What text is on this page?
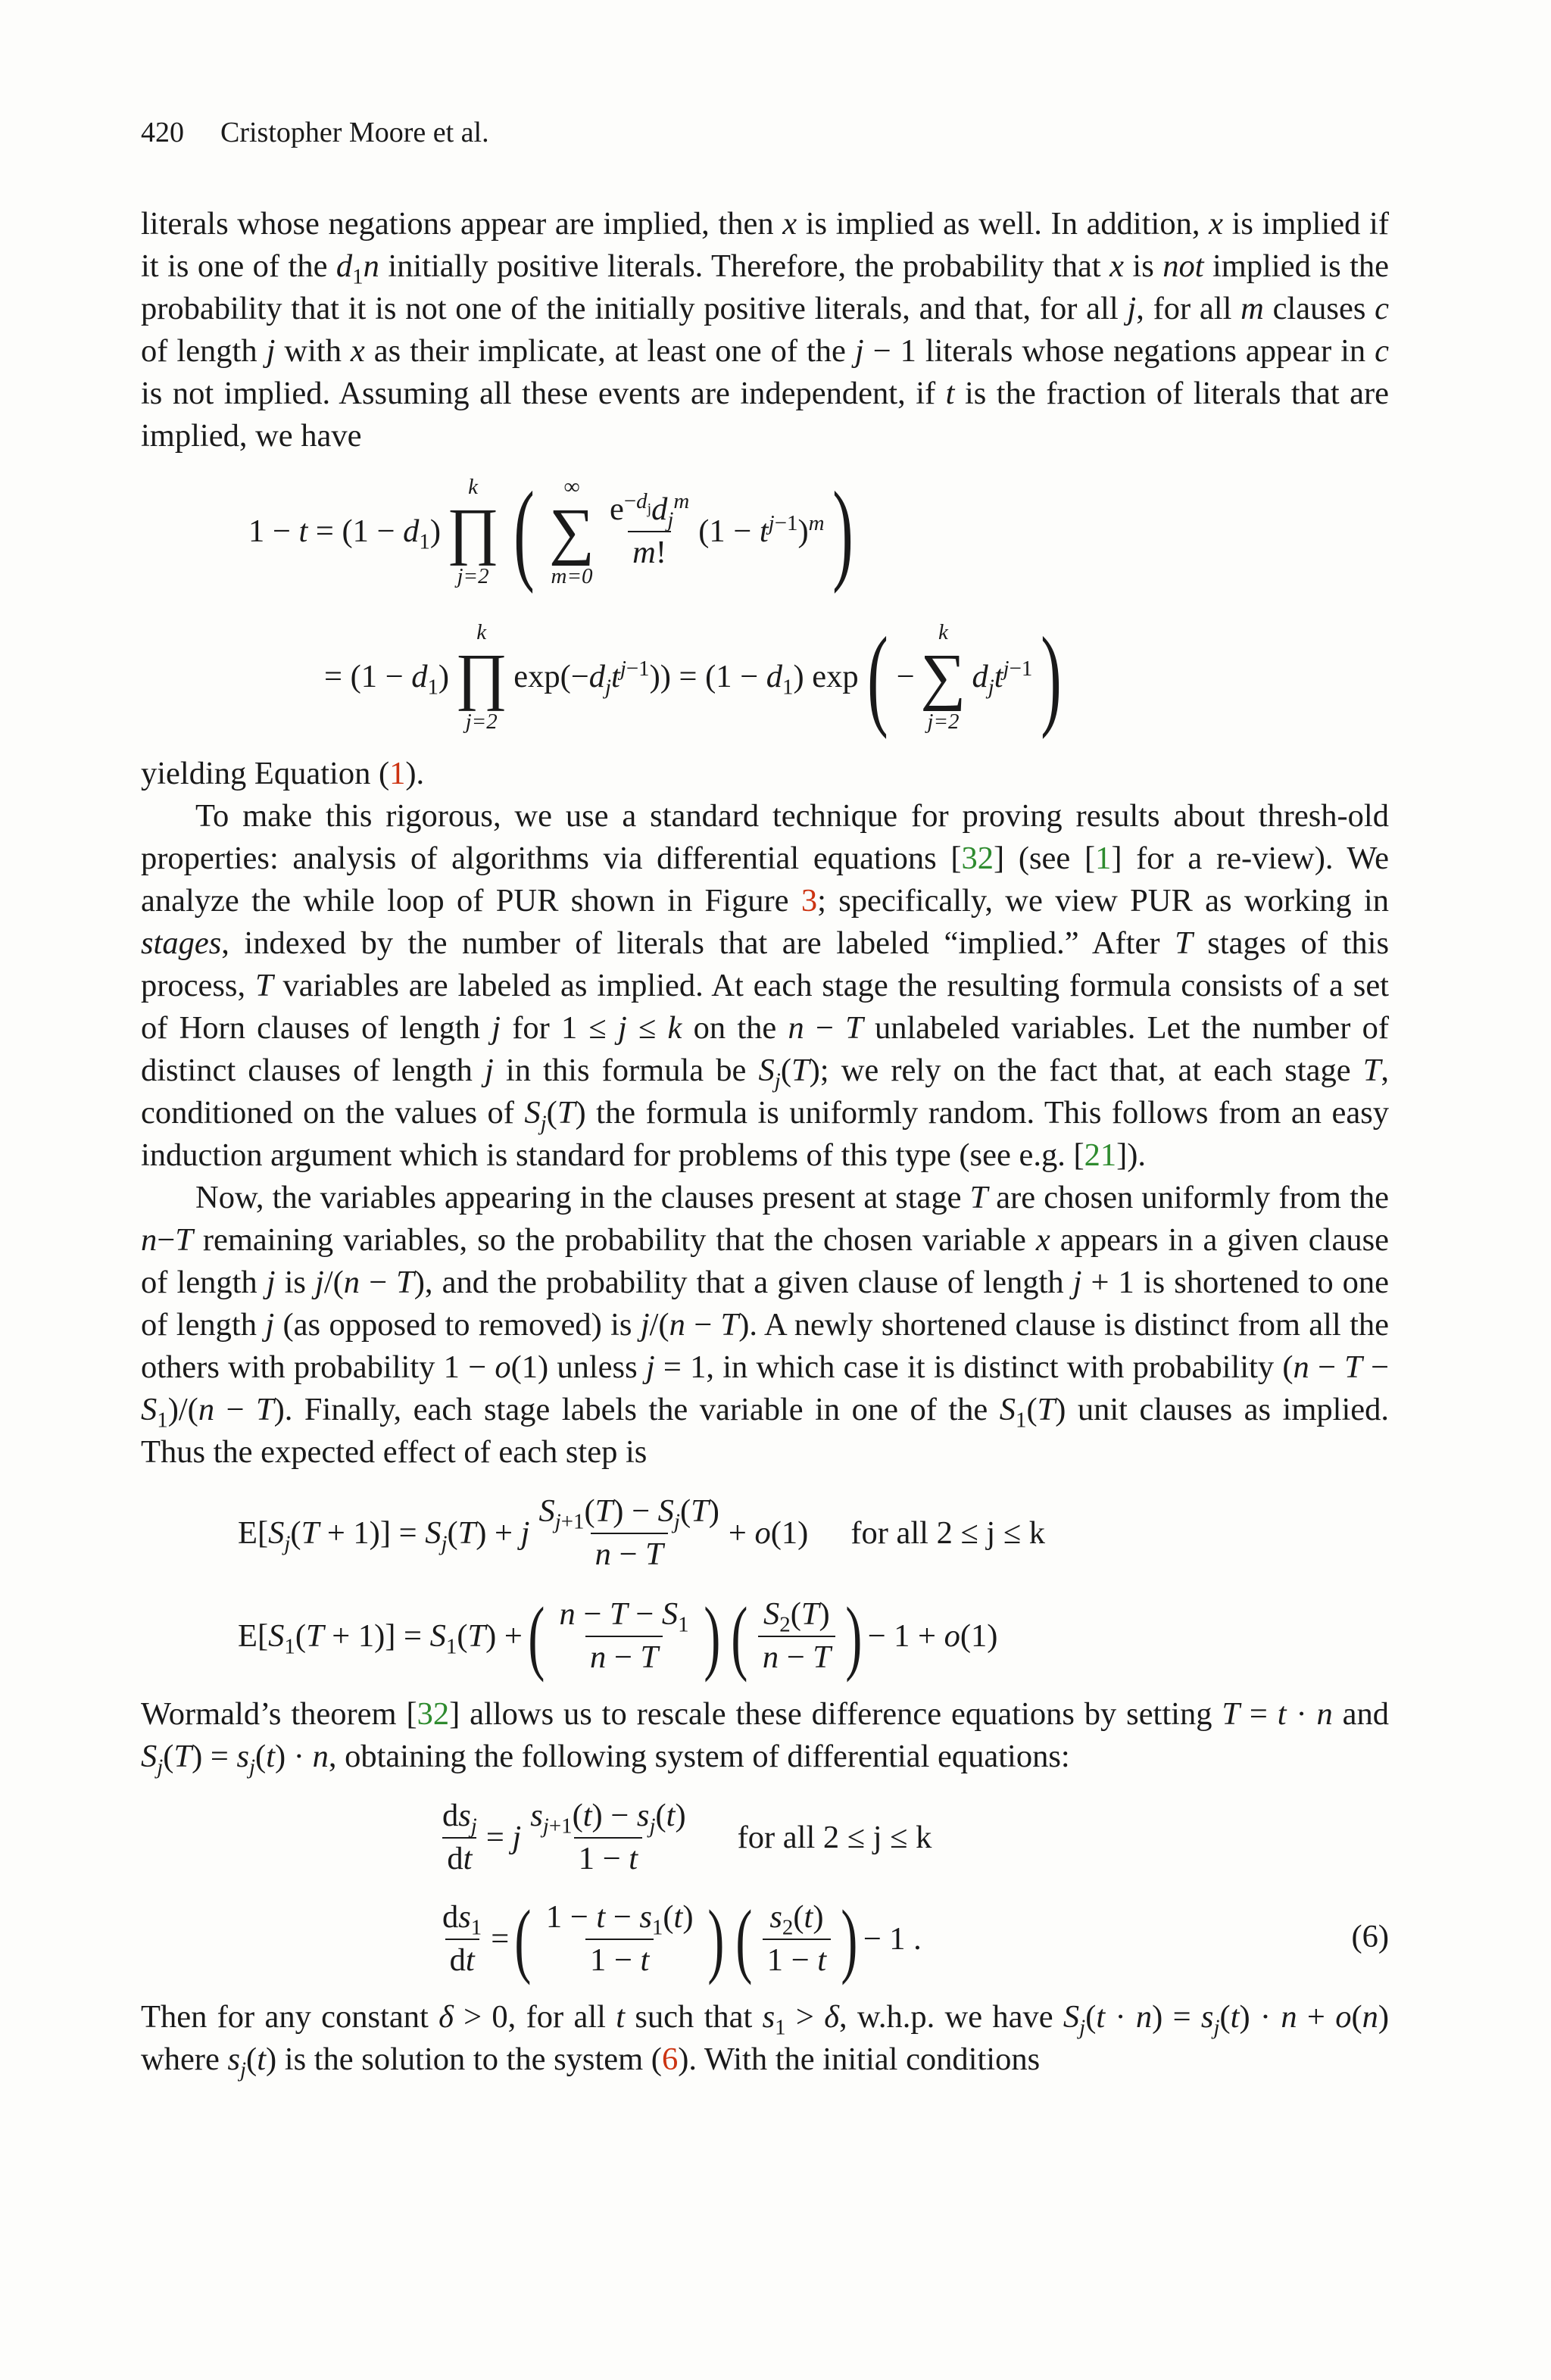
420 Cristopher Moore et al.

literals whose negations appear are implied, then x is implied as well. In addition, x is implied if it is one of the $d_1n$ initially positive literals. Therefore, the probability that x is not implied is the probability that it is not one of the initially positive literals, and that, for all j, for all m clauses c of length j with x as their implicate, at least one of the j − 1 literals whose negations appear in c is not implied. Assuming all these events are independent, if t is the fraction of literals that are implied, we have

$1 - t = (1 - d_1)$
k
∏
j=2 ( ∞
∑
m=0
$\frac{e^{-d_j}d_j^m}{m!} (1 - t^{j-1})^m$ )
= $(1 - d_1)$
k
∏
j=2
$\exp(-d_jt^{j-1})) = (1 - d_1)$ exp ( −
k
∑
j=2
$d_jt^{j-1}$ )

yielding Equation (1).

To make this rigorous, we use a standard technique for proving results about thresh-old properties: analysis of algorithms via differential equations [32] (see [1] for a re-view). We analyze the while loop of PUR shown in Figure 3; specifically, we view PUR as working in stages, indexed by the number of literals that are labeled “implied.” After T stages of this process, T variables are labeled as implied. At each stage the resulting formula consists of a set of Horn clauses of length j for 1 ≤ j ≤ k on the n − T unlabeled variables. Let the number of distinct clauses of length j in this formula be $S_j(T)$; we rely on the fact that, at each stage T, conditioned on the values of $S_j(T)$ the formula is uniformly random. This follows from an easy induction argument which is standard for problems of this type (see e.g. [21]).

Now, the variables appearing in the clauses present at stage T are chosen uniformly from the n−T remaining variables, so the probability that the chosen variable x appears in a given clause of length j is j/(n − T), and the probability that a given clause of length j + 1 is shortened to one of length j (as opposed to removed) is j/(n − T). A newly shortened clause is distinct from all the others with probability 1 − o(1) unless j = 1, in which case it is distinct with probability $(n - T - S_1)/(n - T)$. Finally, each stage labels the variable in one of the $S_1(T)$ unit clauses as implied. Thus the expected effect of each step is

$E[S_j(T + 1)] = S_j(T) + j \frac{S_{j+1}(T) - S_j(T)}{n - T} + o(1)$ for all 2 ≤ j ≤ k
$E[S_1(T + 1)] = S_1(T)$ + ( $\frac{n - T - S_1}{n - T}$ ) ( $\frac{S_2(T)}{n - T}$ ) − 1 + o(1)

Wormald’s theorem [32] allows us to rescale these difference equations by setting T = t · n and $S_j(T) = s_j(t) \cdot n$, obtaining the following system of differential equations:

$\frac{ds_j}{dt} = j \frac{s_{j+1}(t) - s_j(t)}{1 - t}$ for all 2 ≤ j ≤ k
$\frac{ds_1}{dt}$ = ( $\frac{1 - t - s_1(t)}{1 - t}$ ) ( $\frac{s_2(t)}{1 - t}$ ) − 1 .	(6)

Then for any constant δ > 0, for all t such that $s_1 > \delta$, w.h.p. we have $S_j(t \cdot n) = s_j(t) \cdot n + o(n)$ where $s_j(t)$ is the solution to the system (6). With the initial conditions
